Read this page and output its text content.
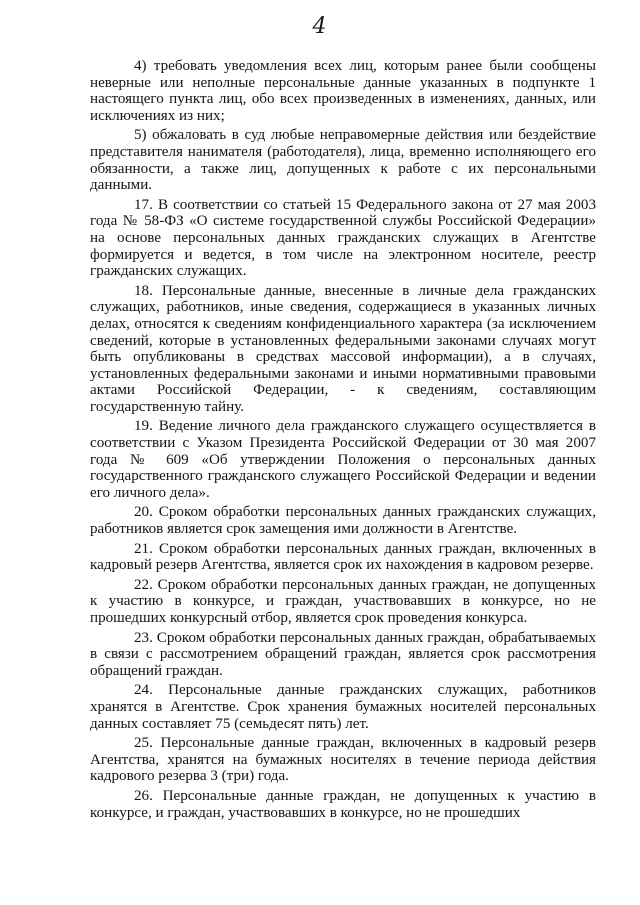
4

4) требовать уведомления всех лиц, которым ранее были сообщены неверные или неполные персональные данные указанных в подпункте 1 настоящего пункта лиц, обо всех произведенных в изменениях, данных, или исключениях из них;

5) обжаловать в суд любые неправомерные действия или бездействие представителя нанимателя (работодателя), лица, временно исполняющего его обязанности, а также лиц, допущенных к работе с их персональными данными.

17. В соответствии со статьей 15 Федерального закона от 27 мая 2003 года № 58-ФЗ «О системе государственной службы Российской Федерации» на основе персональных данных гражданских служащих в Агентстве формируется и ведется, в том числе на электронном носителе, реестр гражданских служащих.

18. Персональные данные, внесенные в личные дела гражданских служащих, работников, иные сведения, содержащиеся в указанных личных делах, относятся к сведениям конфиденциального характера (за исключением сведений, которые в установленных федеральными законами случаях могут быть опубликованы в средствах массовой информации), а в случаях, установленных федеральными законами и иными нормативными правовыми актами Российской Федерации, - к сведениям, составляющим государственную тайну.

19. Ведение личного дела гражданского служащего осуществляется в соответствии с Указом Президента Российской Федерации от 30 мая 2007 года № 609 «Об утверждении Положения о персональных данных государственного гражданского служащего Российской Федерации и ведении его личного дела».

20. Сроком обработки персональных данных гражданских служащих, работников является срок замещения ими должности в Агентстве.

21. Сроком обработки персональных данных граждан, включенных в кадровый резерв Агентства, является срок их нахождения в кадровом резерве.

22. Сроком обработки персональных данных граждан, не допущенных к участию в конкурсе, и граждан, участвовавших в конкурсе, но не прошедших конкурсный отбор, является срок проведения конкурса.

23. Сроком обработки персональных данных граждан, обрабатываемых в связи с рассмотрением обращений граждан, является срок рассмотрения обращений граждан.

24. Персональные данные гражданских служащих, работников хранятся в Агентстве. Срок хранения бумажных носителей персональных данных составляет 75 (семьдесят пять) лет.

25. Персональные данные граждан, включенных в кадровый резерв Агентства, хранятся на бумажных носителях в течение периода действия кадрового резерва 3 (три) года.

26. Персональные данные граждан, не допущенных к участию в конкурсе, и граждан, участвовавших в конкурсе, но не прошедших
